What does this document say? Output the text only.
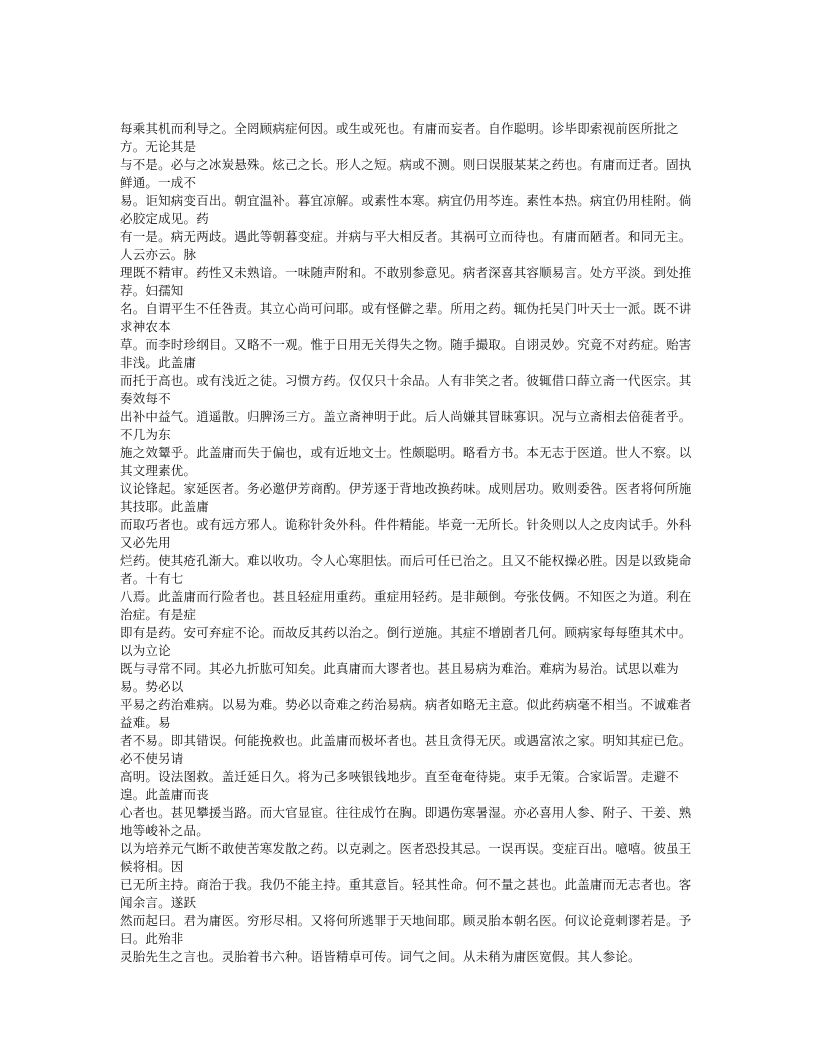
每乘其机而利导之。全罔顾病症何因。或生或死也。有庸而妄者。自作聪明。诊毕即索视前医所批之方。无论其是

与不是。必与之冰炭悬殊。炫己之长。形人之短。病或不测。则曰误服某某之药也。有庸而迂者。固执鲜通。一成不

易。讵知病变百出。朝宜温补。暮宜凉解。或素性本寒。病宜仍用芩连。素性本热。病宜仍用桂附。倘必胶定成见。药

有一是。病无两歧。遇此等朝暮变症。并病与平大相反者。其祸可立而待也。有庸而陋者。和同无主。人云亦云。脉

理既不精审。药性又未熟谙。一味随声附和。不敢别参意见。病者深喜其容顺易言。处方平淡。到处推荐。妇孺知

名。自谓平生不任咎责。其立心尚可问耶。或有怪僻之辈。所用之药。辄伪托吴门叶天士一派。既不讲求神农本

草。而李时珍纲目。又略不一观。惟于日用无关得失之物。随手撮取。自诩灵妙。究竟不对药症。贻害非浅。此盖庸

而托于高也。或有浅近之徒。习惯方药。仅仅只十余品。人有非笑之者。彼辄借口薛立斋一代医宗。其奏效每不

出补中益气。逍遥散。归脾汤三方。盖立斋神明于此。后人尚嫌其冒昧寡识。况与立斋相去倍蓰者乎。不几为东

施之效颦乎。此盖庸而失于偏也，或有近地文士。性颇聪明。略看方书。本无志于医道。世人不察。以其文理素优。

议论锋起。家延医者。务必邀伊芳商酌。伊芳逐于背地改换药味。成则居功。败则委咎。医者将何所施其技耶。此盖庸

而取巧者也。或有远方邪人。诡称针灸外科。件件精能。毕竟一无所长。针灸则以人之皮肉试手。外科又必先用

烂药。使其疮孔渐大。难以收功。令人心寒胆怯。而后可任已治之。且又不能权操必胜。因是以致毙命者。十有七

八焉。此盖庸而行险者也。甚且轻症用重药。重症用轻药。是非颠倒。夸张伎俩。不知医之为道。利在治症。有是症

即有是药。安可弃症不论。而故反其药以治之。倒行逆施。其症不增剧者几何。顾病家每每堕其术中。以为立论

既与寻常不同。其必九折肱可知矣。此真庸而大谬者也。甚且易病为难治。难病为易治。试思以难为易。势必以

平易之药治难病。以易为难。势必以奇难之药治易病。病者如略无主意。似此药病毫不相当。不诚难者益难。易

者不易。即其错误。何能挽救也。此盖庸而极坏者也。甚且贪得无厌。或遇富浓之家。明知其症已危。必不使另请

高明。设法图救。盖迁延日久。将为己多唊银钱地步。直至奄奄待毙。束手无策。合家诟詈。走避不遑。此盖庸而丧

心者也。甚见攀援当路。而大官显宦。往往成竹在胸。即遇伤寒暑湿。亦必喜用人参、附子、干姜、熟地等峻补之品。

以为培养元气断不敢使苦寒发散之药。以克剥之。医者恐投其忌。一误再误。变症百出。噫嘻。彼虽王候将相。因

已无所主持。商治于我。我仍不能主持。重其意旨。轻其性命。何不量之甚也。此盖庸而无志者也。客闻余言。遂跃

然而起曰。君为庸医。穷形尽相。又将何所逃罪于天地间耶。顾灵胎本朝名医。何议论竟刺谬若是。予曰。此殆非

灵胎先生之言也。灵胎着书六种。语皆精卓可传。词气之间。从未稍为庸医宽假。其人参论。
